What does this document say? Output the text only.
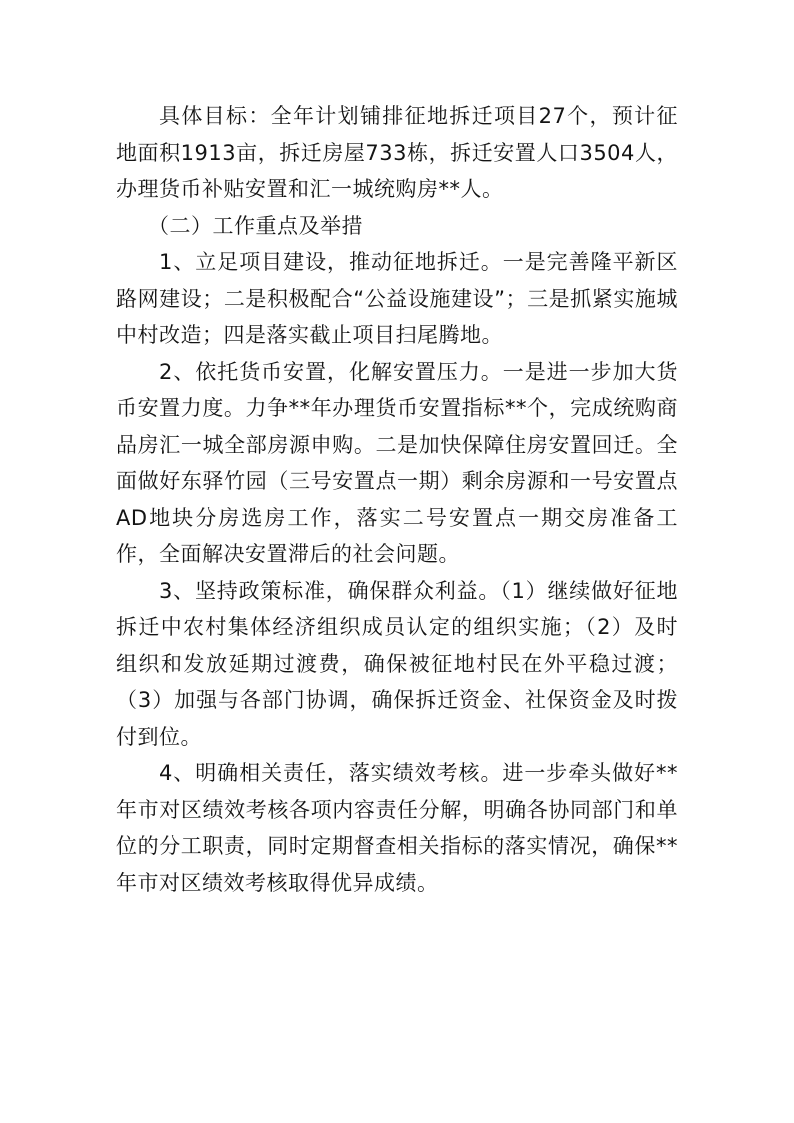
具体目标：全年计划铺排征地拆迁项目27个，预计征地面积1913亩，拆迁房屋733栋，拆迁安置人口3504人，办理货币补贴安置和汇一城统购房**人。

（二）工作重点及举措

1、立足项目建设，推动征地拆迁。一是完善隆平新区路网建设；二是积极配合“公益设施建设”；三是抓紧实施城中村改造；四是落实截止项目扫尾腾地。

2、依托货币安置，化解安置压力。一是进一步加大货币安置力度。力争**年办理货币安置指标**个，完成统购商品房汇一城全部房源申购。二是加快保障住房安置回迁。全面做好东驿竹园（三号安置点一期）剩余房源和一号安置点AD地块分房选房工作，落实二号安置点一期交房准备工作，全面解决安置滞后的社会问题。

3、坚持政策标准，确保群众利益。（1）继续做好征地拆迁中农村集体经济组织成员认定的组织实施；（2）及时组织和发放延期过渡费，确保被征地村民在外平稳过渡；（3）加强与各部门协调，确保拆迁资金、社保资金及时拨付到位。

4、明确相关责任，落实绩效考核。进一步牵头做好**年市对区绩效考核各项内容责任分解，明确各协同部门和单位的分工职责，同时定期督查相关指标的落实情况，确保**年市对区绩效考核取得优异成绩。
